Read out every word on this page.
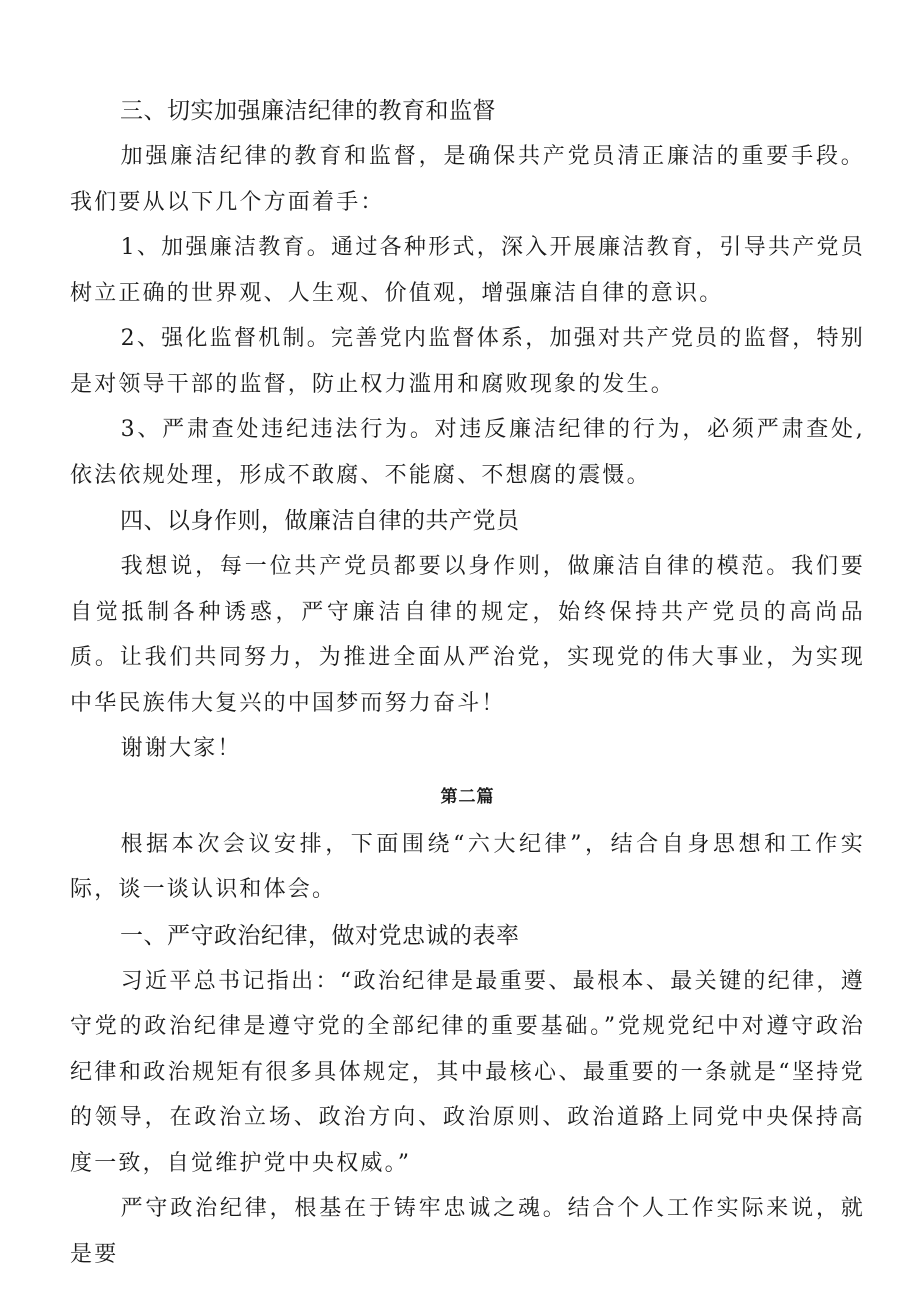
三、切实加强廉洁纪律的教育和监督

加强廉洁纪律的教育和监督，是确保共产党员清正廉洁的重要手段。我们要从以下几个方面着手：

1、加强廉洁教育。通过各种形式，深入开展廉洁教育，引导共产党员树立正确的世界观、人生观、价值观，增强廉洁自律的意识。

2、强化监督机制。完善党内监督体系，加强对共产党员的监督，特别是对领导干部的监督，防止权力滥用和腐败现象的发生。

3、严肃查处违纪违法行为。对违反廉洁纪律的行为，必须严肃查处,依法依规处理，形成不敢腐、不能腐、不想腐的震慑。

四、以身作则，做廉洁自律的共产党员

我想说，每一位共产党员都要以身作则，做廉洁自律的模范。我们要自觉抵制各种诱惑，严守廉洁自律的规定，始终保持共产党员的高尚品质。让我们共同努力，为推进全面从严治党，实现党的伟大事业，为实现中华民族伟大复兴的中国梦而努力奋斗！

谢谢大家！

第二篇

根据本次会议安排，下面围绕“六大纪律”，结合自身思想和工作实际，谈一谈认识和体会。

一、严守政治纪律，做对党忠诚的表率

习近平总书记指出：“政治纪律是最重要、最根本、最关键的纪律，遵守党的政治纪律是遵守党的全部纪律的重要基础。”党规党纪中对遵守政治纪律和政治规矩有很多具体规定，其中最核心、最重要的一条就是“坚持党的领导，在政治立场、政治方向、政治原则、政治道路上同党中央保持高度一致，自觉维护党中央权威。”

严守政治纪律，根基在于铸牢忠诚之魂。结合个人工作实际来说，就是要
